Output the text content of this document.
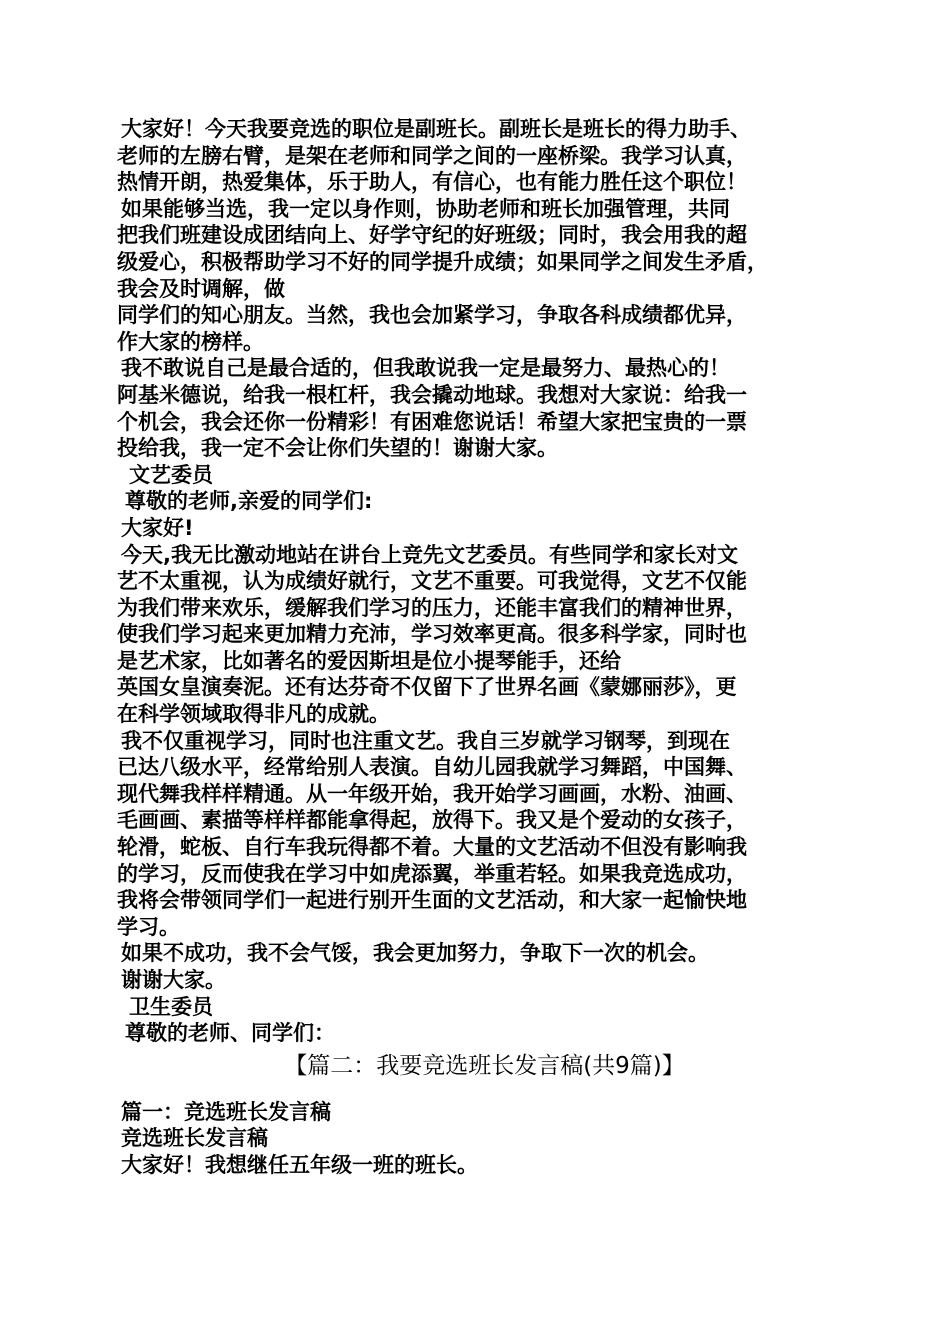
大家好！今天我要竞选的职位是副班长。副班长是班长的得力助手、

老师的左膀右臂，是架在老师和同学之间的一座桥梁。我学习认真，

热情开朗，热爱集体，乐于助人，有信心，也有能力胜任这个职位！

如果能够当选，我一定以身作则，协助老师和班长加强管理，共同

把我们班建设成团结向上、好学守纪的好班级；同时，我会用我的超

级爱心，积极帮助学习不好的同学提升成绩；如果同学之间发生矛盾，

我会及时调解，做

同学们的知心朋友。当然，我也会加紧学习，争取各科成绩都优异，

作大家的榜样。

我不敢说自己是最合适的，但我敢说我一定是最努力、最热心的！

阿基米德说，给我一根杠杆，我会撬动地球。我想对大家说：给我一

个机会，我会还你一份精彩！有困难您说话！希望大家把宝贵的一票

投给我，我一定不会让你们失望的！谢谢大家。

文艺委员

尊敬的老师,亲爱的同学们:

大家好!

今天,我无比激动地站在讲台上竞先文艺委员。有些同学和家长对文

艺不太重视，认为成绩好就行，文艺不重要。可我觉得，文艺不仅能

为我们带来欢乐，缓解我们学习的压力，还能丰富我们的精神世界，

使我们学习起来更加精力充沛，学习效率更高。很多科学家，同时也

是艺术家，比如著名的爱因斯坦是位小提琴能手，还给

英国女皇演奏泥。还有达芬奇不仅留下了世界名画《蒙娜丽莎》，更

在科学领域取得非凡的成就。

我不仅重视学习，同时也注重文艺。我自三岁就学习钢琴，到现在

已达八级水平，经常给别人表演。自幼儿园我就学习舞蹈，中国舞、

现代舞我样样精通。从一年级开始，我开始学习画画，水粉、油画、

毛画画、素描等样样都能拿得起，放得下。我又是个爱动的女孩子，

轮滑，蛇板、自行车我玩得都不着。大量的文艺活动不但没有影响我

的学习，反而使我在学习中如虎添翼，举重若轻。如果我竞选成功，

我将会带领同学们一起进行别开生面的文艺活动，和大家一起愉快地

学习。

如果不成功，我不会气馁，我会更加努力，争取下一次的机会。

谢谢大家。

卫生委员

尊敬的老师、同学们：

【篇二：我要竞选班长发言稿(共9篇)】

篇一：竞选班长发言稿

竞选班长发言稿

大家好！我想继任五年级一班的班长。
